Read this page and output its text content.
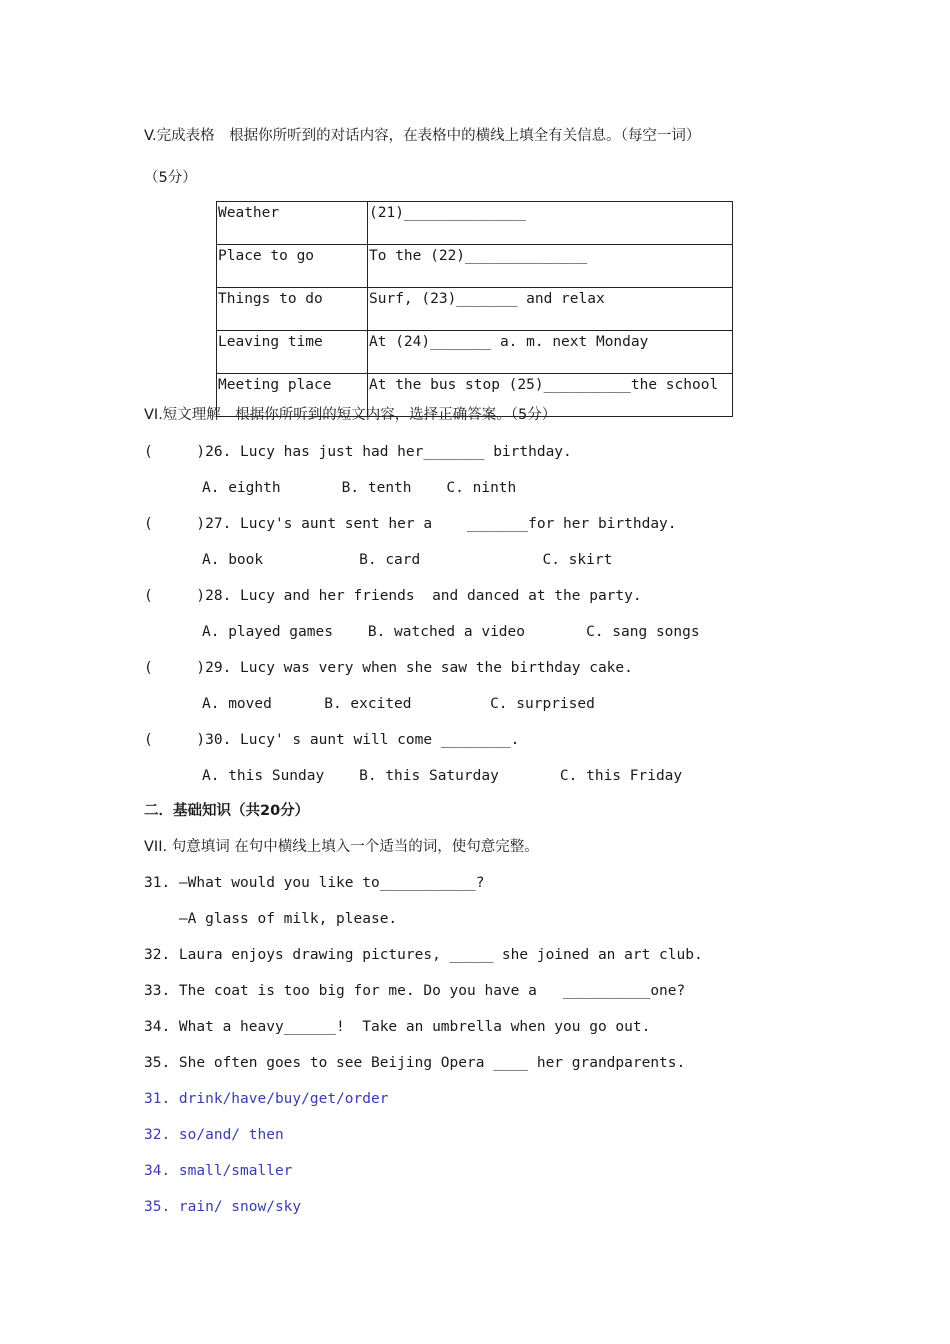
V.完成表格　根据你所听到的对话内容，在表格中的横线上填全有关信息。（每空一词）
（5分）
Weather	(21)______________
Place to go	To the (22)______________
Things to do	Surf, (23)_______ and relax
Leaving time	At (24)_______ a. m. next Monday
Meeting place	At the bus stop (25)__________the school
VI.短文理解　根据你所听到的短文内容，选择正确答案。（5分）
(     )26. Lucy has just had her_______ birthday.
A. eighth       B. tenth    C. ninth
(     )27. Lucy's aunt sent her a    _______for her birthday.
A. book           B. card              C. skirt
(     )28. Lucy and her friends  and danced at the party.
A. played games    B. watched a video       C. sang songs
(     )29. Lucy was very when she saw the birthday cake.
A. moved      B. excited         C. surprised
(     )30. Lucy' s aunt will come ________.
A. this Sunday    B. this Saturday       C. this Friday
二．基础知识（共20分）
VII. 句意填词 在句中横线上填入一个适当的词，使句意完整。
31. —What would you like to___________?
—A glass of milk, please.
32. Laura enjoys drawing pictures, _____ she joined an art club.
33. The coat is too big for me. Do you have a   __________one?
34. What a heavy______!  Take an umbrella when you go out.
35. She often goes to see Beijing Opera ____ her grandparents.
31. drink/have/buy/get/order
32. so/and/ then
34. small/smaller
35. rain/ snow/sky
